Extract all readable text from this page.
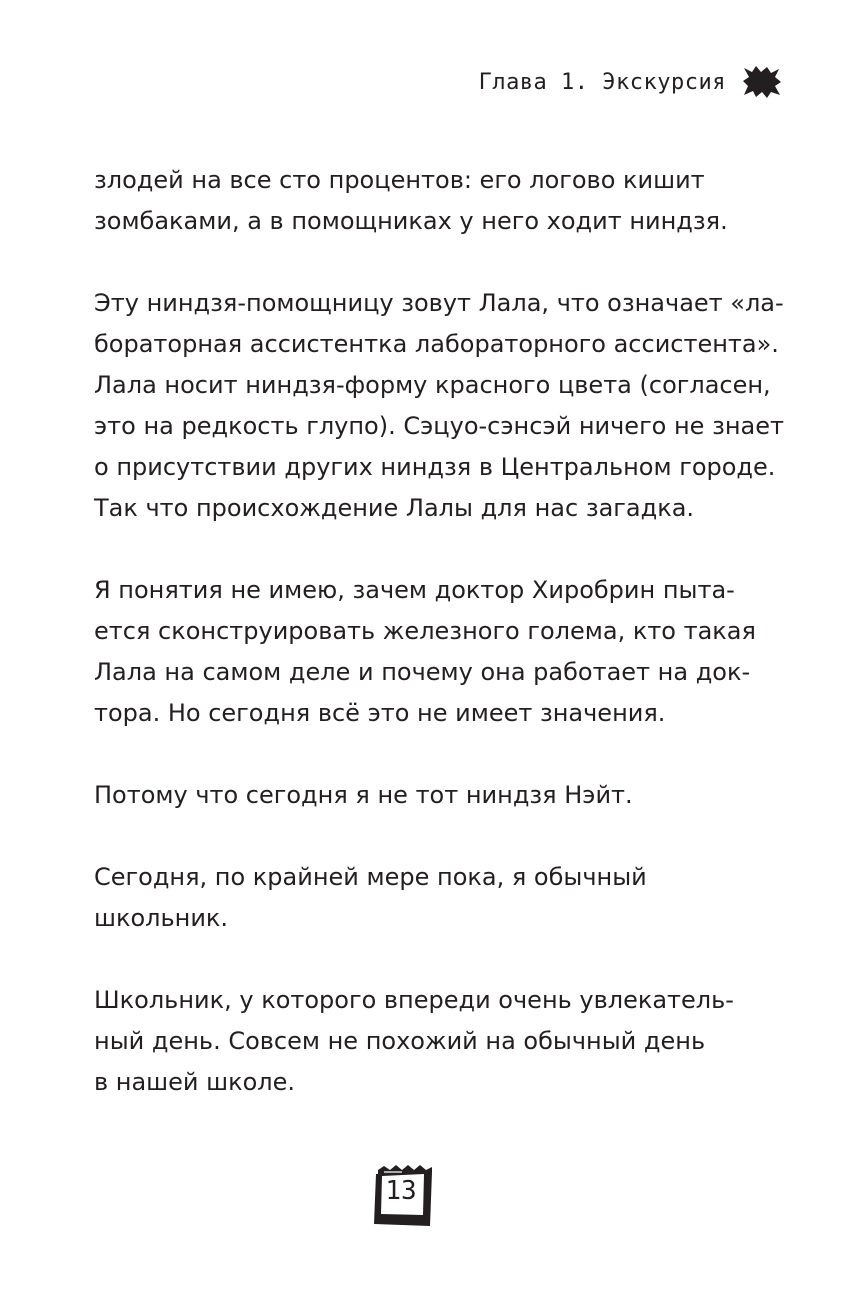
Глава 1. Экскурсия

злодей на все сто процентов: его логово кишит
зомбаками, а в помощниках у него ходит ниндзя.

Эту ниндзя-помощницу зовут Лала, что означает «ла-
бораторная ассистентка лабораторного ассистента».
Лала носит ниндзя-форму красного цвета (согласен,
это на редкость глупо). Сэцуо-сэнсэй ничего не знает
о присутствии других ниндзя в Центральном городе.
Так что происхождение Лалы для нас загадка.

Я понятия не имею, зачем доктор Хиробрин пыта-
ется сконструировать железного голема, кто такая
Лала на самом деле и почему она работает на док-
тора. Но сегодня всё это не имеет значения.

Потому что сегодня я не тот ниндзя Нэйт.

Сегодня, по крайней мере пока, я обычный
школьник.

Школьник, у которого впереди очень увлекатель-
ный день. Совсем не похожий на обычный день
в нашей школе.

13
